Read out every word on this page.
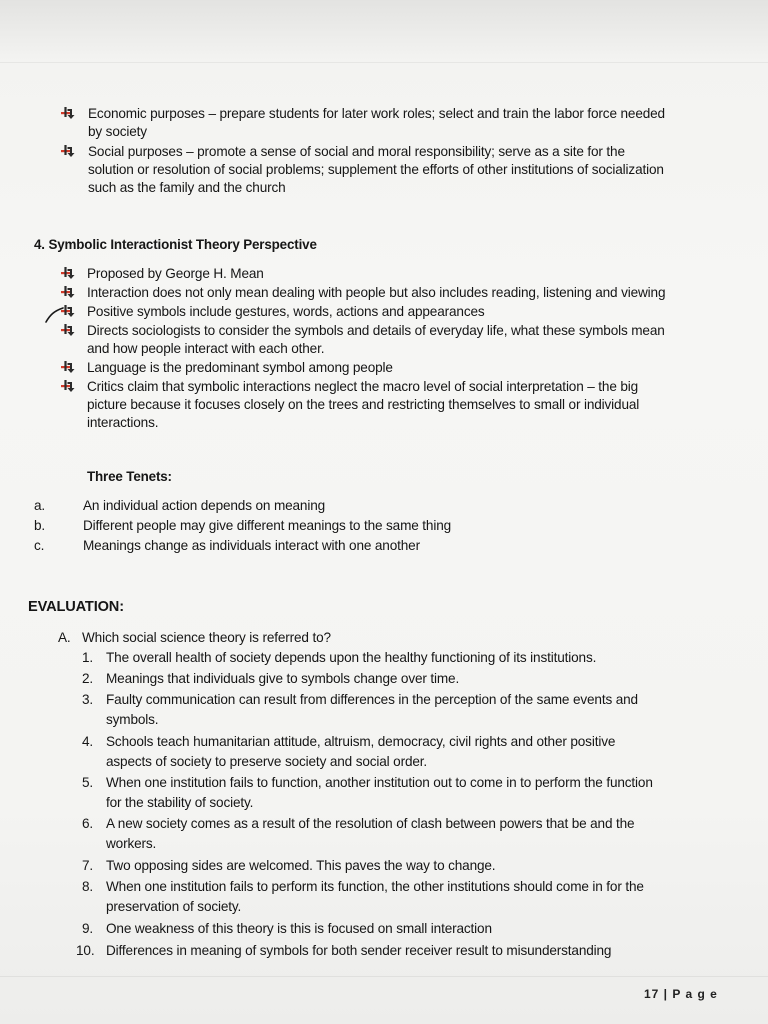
Economic purposes – prepare students for later work roles; select and train the labor force needed
by society
Social purposes – promote a sense of social and moral responsibility; serve as a site for the
solution or resolution of social problems; supplement the efforts of other institutions of socialization
such as the family and the church
4. Symbolic Interactionist Theory Perspective
Proposed by George H. Mean
Interaction does not only mean dealing with people but also includes reading, listening and viewing
Positive symbols include gestures, words, actions and appearances
Directs sociologists to consider the symbols and details of everyday life, what these symbols mean
and how people interact with each other.
Language is the predominant symbol among people
Critics claim that symbolic interactions neglect the macro level of social interpretation – the big
picture because it focuses closely on the trees and restricting themselves to small or individual
interactions.
Three Tenets:
a.	An individual action depends on meaning
b.	Different people may give different meanings to the same thing
c.	Meanings change as individuals interact with one another
EVALUATION:
A. Which social science theory is referred to?
1. The overall health of society depends upon the healthy functioning of its institutions.
2. Meanings that individuals give to symbols change over time.
3. Faulty communication can result from differences in the perception of the same events and
symbols.
4. Schools teach humanitarian attitude, altruism, democracy, civil rights and other positive
aspects of society to preserve society and social order.
5. When one institution fails to function, another institution out to come in to perform the function
for the stability of society.
6. A new society comes as a result of the resolution of clash between powers that be and the
workers.
7. Two opposing sides are welcomed. This paves the way to change.
8. When one institution fails to perform its function, the other institutions should come in for the
preservation of society.
9. One weakness of this theory is this is focused on small interaction
10. Differences in meaning of symbols for both sender receiver result to misunderstanding
17 | P a g e
